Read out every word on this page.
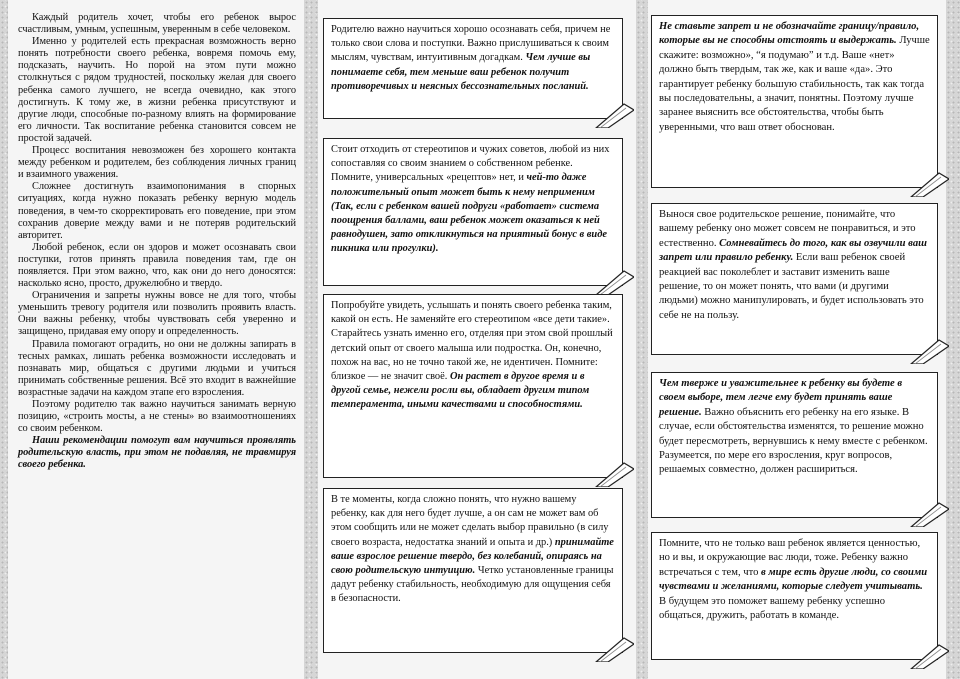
Каждый родитель хочет, чтобы его ребенок вырос счастливым, умным, успешным, уверенным в себе человеком.

Именно у родителей есть прекрасная возможность верно понять потребности своего ребенка, вовремя помочь ему, подсказать, научить. Но порой на этом пути можно столкнуться с рядом трудностей, поскольку желая для своего ребенка самого лучшего, не всегда очевидно, как этого достигнуть. К тому же, в жизни ребенка присутствуют и другие люди, способные по-разному влиять на формирование его личности. Так воспитание ребенка становится совсем не простой задачей.

Процесс воспитания невозможен без хорошего контакта между ребенком и родителем, без соблюдения личных границ и взаимного уважения.

Сложнее достигнуть взаимопонимания в спорных ситуациях, когда нужно показать ребенку верную модель поведения, в чем-то скорректировать его поведение, при этом сохранив доверие между вами и не потеряв родительский авторитет.

Любой ребенок, если он здоров и может осознавать свои поступки, готов принять правила поведения там, где он появляется. При этом важно, что, как они до него доносятся: насколько ясно, просто, дружелюбно и твердо.

Ограничения и запреты нужны вовсе не для того, чтобы уменьшить тревогу родителя или позволить проявить власть. Они важны ребенку, чтобы чувствовать себя уверенно и защищено, придавая ему опору и определенность.

Правила помогают оградить, но они не должны запирать в тесных рамках, лишать ребенка возможности исследовать и познавать мир, общаться с другими людьми и учиться принимать собственные решения. Всё это входит в важнейшие возрастные задачи на каждом этапе его взросления.

Поэтому родителю так важно научиться занимать верную позицию, «строить мосты, а не стены» во взаимоотношениях со своим ребенком.

Наши рекомендации помогут вам научиться проявлять родительскую власть, при этом не подавляя, не травмируя своего ребенка.

Родителю важно научиться хорошо осознавать себя, причем не только свои слова и поступки. Важно прислушиваться к своим мыслям, чувствам, интуитивным догадкам. Чем лучше вы понимаете себя, тем меньше ваш ребенок получит противоречивых и неясных бессознательных посланий.

Стоит отходить от стереотипов и чужих советов, любой из них сопоставляя со своим знанием о собственном ребенке. Помните, универсальных «рецептов» нет, и чей-то даже положительный опыт может быть к нему неприменим (Так, если с ребенком вашей подруги «работает» система поощрения баллами, ваш ребенок может оказаться к ней равнодушен, зато откликнуться на приятный бонус в виде пикника или прогулки).

Попробуйте увидеть, услышать и понять своего ребенка таким, какой он есть. Не заменяйте его стереотипом «все дети такие».

Старайтесь узнать именно его, отделяя при этом свой прошлый детский опыт от своего малыша или подростка. Он, конечно, похож на вас, но не точно такой же, не идентичен. Помните: близкое — не значит своё. Он растет в другое время и в другой семье, нежели росли вы, обладает другим типом темперамента, иными качествами и способностями.

В те моменты, когда сложно понять, что нужно вашему ребенку, как для него будет лучше, а он сам не может вам об этом сообщить или не может сделать выбор правильно (в силу своего возраста, недостатка знаний и опыта и др.) принимайте ваше взрослое решение твердо, без колебаний, опираясь на свою родительскую интуицию. Четко установленные границы дадут ребенку стабильность, необходимую для ощущения себя в безопасности.

Не ставьте запрет и не обозначайте границу/правило, которые вы не способны отстоять и выдержать. Лучше скажите: возможно», “я подумаю” и т.д. Ваше «нет» должно быть твердым, так же, как и ваше «да». Это гарантирует ребенку большую стабильность, так как тогда вы последовательны, а значит, понятны. Поэтому лучше заранее выяснить все обстоятельства, чтобы быть уверенными, что ваш ответ обоснован.

Вынося свое родительское решение, понимайте, что вашему ребенку оно может совсем не понравиться, и это естественно. Сомневайтесь до того, как вы озвучили ваш запрет или правило ребенку. Если ваш ребенок своей реакцией вас поколеблет и заставит изменить ваше решение, то он может понять, что вами (и другими людьми) можно манипулировать, и будет использовать это себе не на пользу.

Чем тверже и уважительнее к ребенку вы будете в своем выборе, тем легче ему будет принять ваше решение. Важно объяснить его ребенку на его языке. В случае, если обстоятельства изменятся, то решение можно будет пересмотреть, вернувшись к нему вместе с ребенком. Разумеется, по мере его взросления, круг вопросов, решаемых совместно, должен расшириться.

Помните, что не только ваш ребенок является ценностью, но и вы, и окружающие вас люди, тоже. Ребенку важно встречаться с тем, что в мире есть другие люди, со своими чувствами и желаниями, которые следует учитывать. В будущем это поможет вашему ребенку успешно общаться, дружить, работать в команде.
